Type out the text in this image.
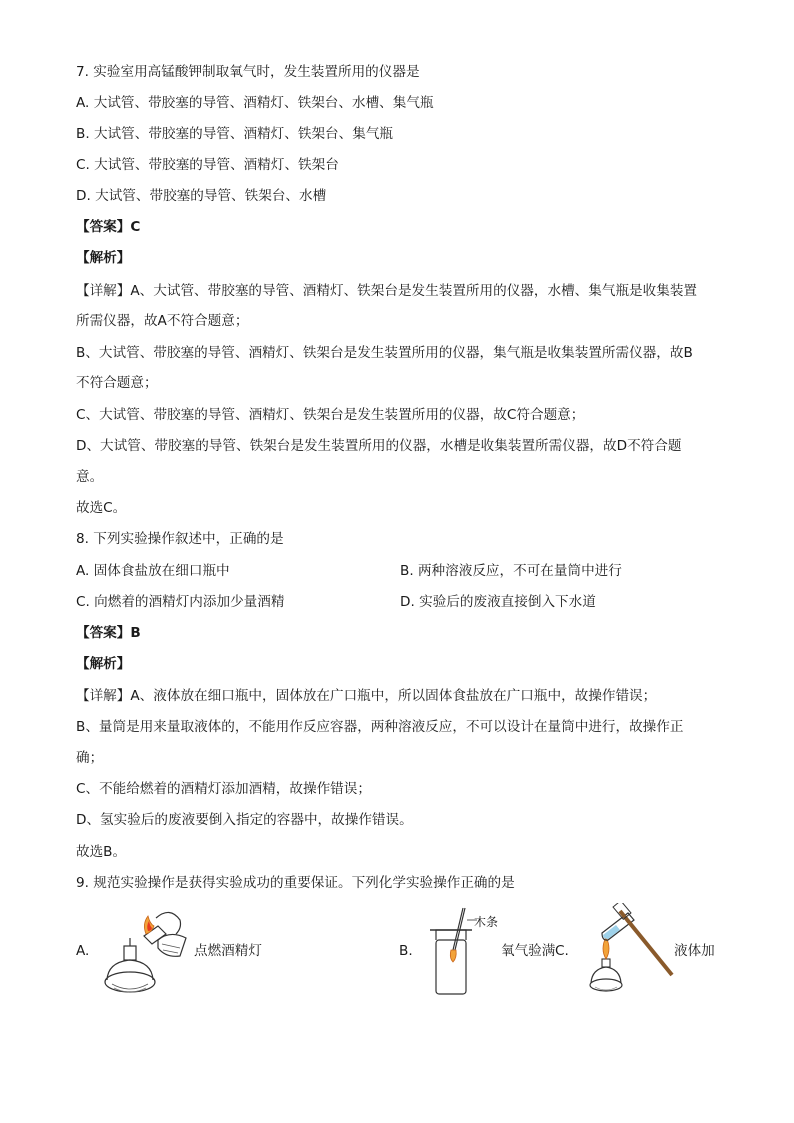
7. 实验室用高锰酸钾制取氧气时，发生装置所用的仪器是
A. 大试管、带胶塞的导管、酒精灯、铁架台、水槽、集气瓶
B. 大试管、带胶塞的导管、酒精灯、铁架台、集气瓶
C. 大试管、带胶塞的导管、酒精灯、铁架台
D. 大试管、带胶塞的导管、铁架台、水槽
【答案】C
【解析】
【详解】A、大试管、带胶塞的导管、酒精灯、铁架台是发生装置所用的仪器，水槽、集气瓶是收集装置
所需仪器，故A不符合题意；
B、大试管、带胶塞的导管、酒精灯、铁架台是发生装置所用的仪器，集气瓶是收集装置所需仪器，故B
不符合题意；
C、大试管、带胶塞的导管、酒精灯、铁架台是发生装置所用的仪器，故C符合题意；
D、大试管、带胶塞的导管、铁架台是发生装置所用的仪器，水槽是收集装置所需仪器，故D不符合题
意。
故选C。
8. 下列实验操作叙述中，正确的是
A. 固体食盐放在细口瓶中	B. 两种溶液反应，不可在量筒中进行
C. 向燃着的酒精灯内添加少量酒精	D. 实验后的废液直接倒入下水道
【答案】B
【解析】
【详解】A、液体放在细口瓶中，固体放在广口瓶中，所以固体食盐放在广口瓶中，故操作错误；
B、量筒是用来量取液体的，不能用作反应容器，两种溶液反应，不可以设计在量筒中进行，故操作正
确；
C、不能给燃着的酒精灯添加酒精，故操作错误；
D、氢实验后的废液要倒入指定的容器中，故操作错误。
故选B。
9. 规范实验操作是获得实验成功的重要保证。下列化学实验操作正确的是
A.	点燃酒精灯	B.
木条
氧气验满 C.	液体加
